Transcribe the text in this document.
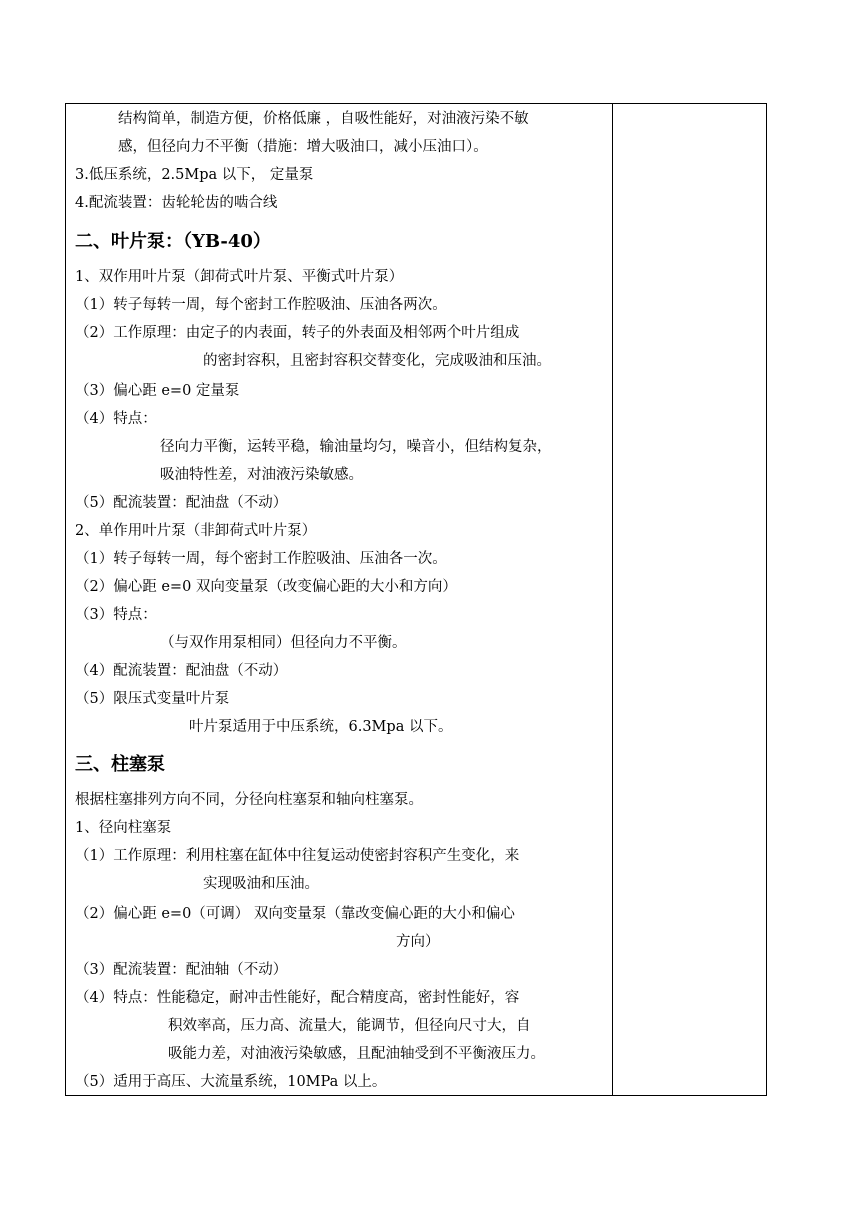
结构简单，制造方便，价格低廉 ，自吸性能好，对油液污染不敏
感，但径向力不平衡（措施：增大吸油口，减小压油口）。
3.低压系统，2.5Mpa 以下， 定量泵
4.配流装置：齿轮轮齿的啮合线
二、叶片泵：（YB-40）
1、双作用叶片泵（卸荷式叶片泵、平衡式叶片泵）
（1）转子每转一周，每个密封工作腔吸油、压油各两次。
（2）工作原理：由定子的内表面，转子的外表面及相邻两个叶片组成
的密封容积，且密封容积交替变化，完成吸油和压油。
（3）偏心距 e=0 定量泵
（4）特点：
径向力平衡，运转平稳，输油量均匀，噪音小，但结构复杂，
吸油特性差，对油液污染敏感。
（5）配流装置：配油盘（不动）
2、单作用叶片泵（非卸荷式叶片泵）
（1）转子每转一周，每个密封工作腔吸油、压油各一次。
（2）偏心距 e=0 双向变量泵（改变偏心距的大小和方向）
（3）特点：
（与双作用泵相同）但径向力不平衡。
（4）配流装置：配油盘（不动）
（5）限压式变量叶片泵
叶片泵适用于中压系统，6.3Mpa 以下。
三、柱塞泵
根据柱塞排列方向不同，分径向柱塞泵和轴向柱塞泵。
1、径向柱塞泵
（1）工作原理：利用柱塞在缸体中往复运动使密封容积产生变化，来
实现吸油和压油。
（2）偏心距 e=0（可调） 双向变量泵（靠改变偏心距的大小和偏心
方向）
（3）配流装置：配油轴（不动）
（4）特点：性能稳定，耐冲击性能好，配合精度高，密封性能好，容
积效率高，压力高、流量大，能调节，但径向尺寸大，自
吸能力差，对油液污染敏感，且配油轴受到不平衡液压力。
（5）适用于高压、大流量系统，10MPa 以上。
